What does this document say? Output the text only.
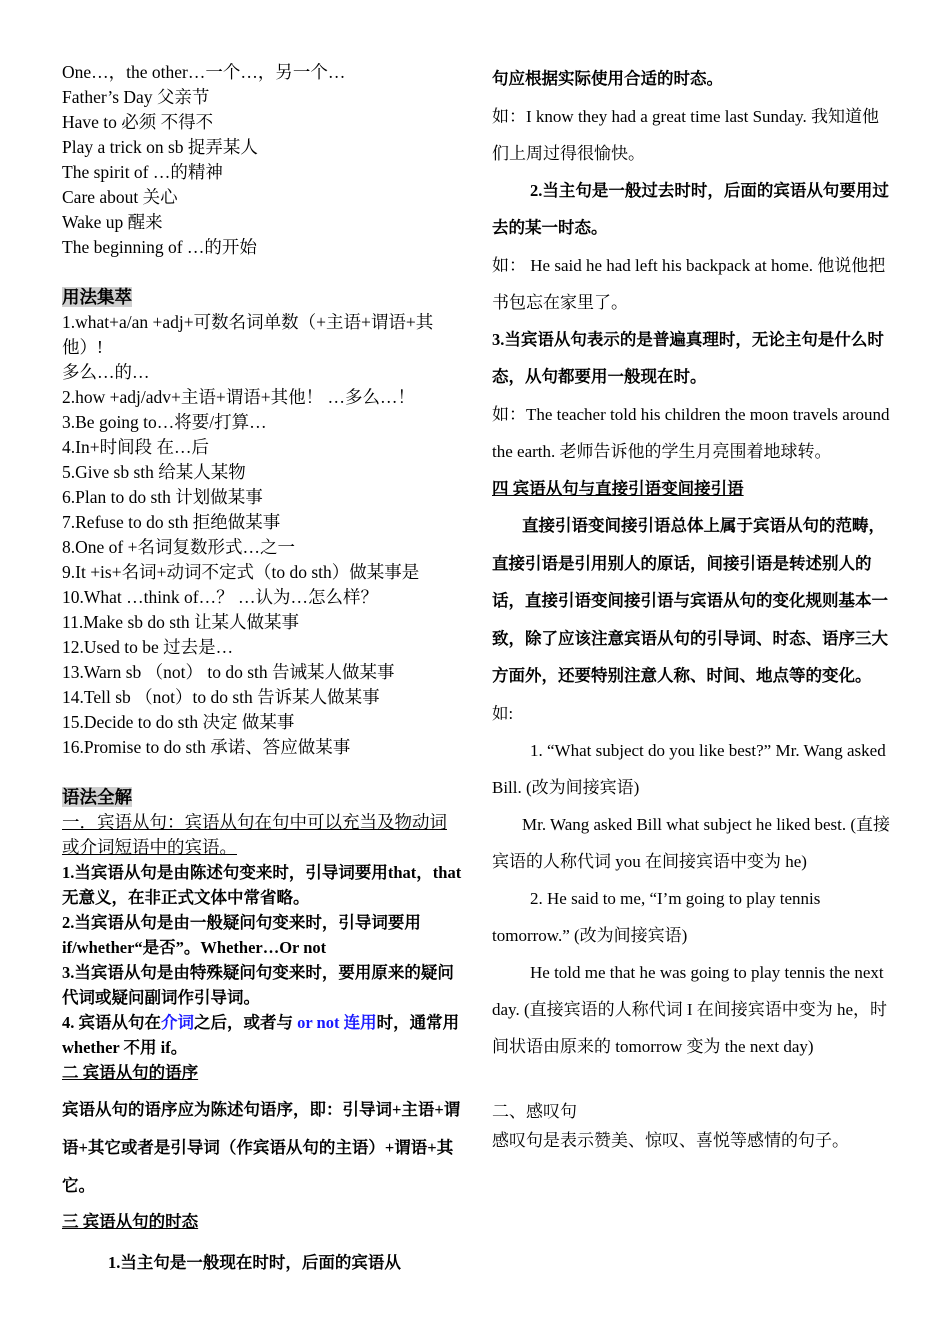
One…，the other…一个…，另一个…
Father’s Day 父亲节
Have to 必须 不得不
Play a trick on sb 捉弄某人
The spirit of …的精神
Care about 关心
Wake up 醒来
The beginning of …的开始
用法集萃
1.what+a/an +adj+可数名词单数（+主语+谓语+其他）!
多么…的…
2.how +adj/adv+主语+谓语+其他！ …多么…！
3.Be going to…将要/打算…
4.In+时间段 在…后
5.Give sb sth 给某人某物
6.Plan to do sth 计划做某事
7.Refuse to do sth 拒绝做某事
8.One of +名词复数形式…之一
9.It +is+名词+动词不定式（to do sth）做某事是
10.What …think of…？ …认为…怎么样？
11.Make sb do sth 让某人做某事
12.Used to be 过去是…
13.Warn sb （not） to do sth 告诫某人做某事
14.Tell sb （not）to do sth 告诉某人做某事
15.Decide to do sth 决定 做某事
16.Promise to do sth 承诺、答应做某事
语法全解
一．宾语从句：宾语从句在句中可以充当及物动词或介词短语中的宾语。
1.当宾语从句是由陈述句变来时，引导词要用that，that 无意义，在非正式文体中常省略。
2.当宾语从句是由一般疑问句变来时，引导词要用 if/whether“是否”。Whether…Or not
3.当宾语从句是由特殊疑问句变来时，要用原来的疑问代词或疑问副词作引导词。
4. 宾语从句在介词之后，或者与 or not 连用时，通常用 whether 不用 if。
二 宾语从句的语序
宾语从句的语序应为陈述句语序，即：引导词+主语+谓语+其它或者是引导词（作宾语从句的主语）+谓语+其它。
三 宾语从句的时态
1.当主句是一般现在时时，后面的宾语从
句应根据实际使用合适的时态。
如：I know they had a great time last Sunday. 我知道他们上周过得很愉快。
2.当主句是一般过去时时，后面的宾语从句要用过去的某一时态。
如： He said he had left his backpack at home. 他说他把书包忘在家里了。
3.当宾语从句表示的是普遍真理时，无论主句是什么时态，从句都要用一般现在时。
如：The teacher told his children the moon travels around the earth. 老师告诉他的学生月亮围着地球转。
四 宾语从句与直接引语变间接引语
直接引语变间接引语总体上属于宾语从句的范畴，直接引语是引用别人的原话，间接引语是转述别人的话，直接引语变间接引语与宾语从句的变化规则基本一致，除了应该注意宾语从句的引导词、时态、语序三大方面外，还要特别注意人称、时间、地点等的变化。如:
1. “What subject do you like best?” Mr. Wang asked Bill. (改为间接宾语)
Mr. Wang asked Bill what subject he liked best. (直接宾语的人称代词 you 在间接宾语中变为 he)
2. He said to me, “I’m going to play tennis tomorrow.” (改为间接宾语)
He told me that he was going to play tennis the next day. (直接宾语的人称代词 I 在间接宾语中变为 he，时间状语由原来的 tomorrow 变为 the next day)
二、感叹句
感叹句是表示赞美、惊叹、喜悦等感情的句子。
